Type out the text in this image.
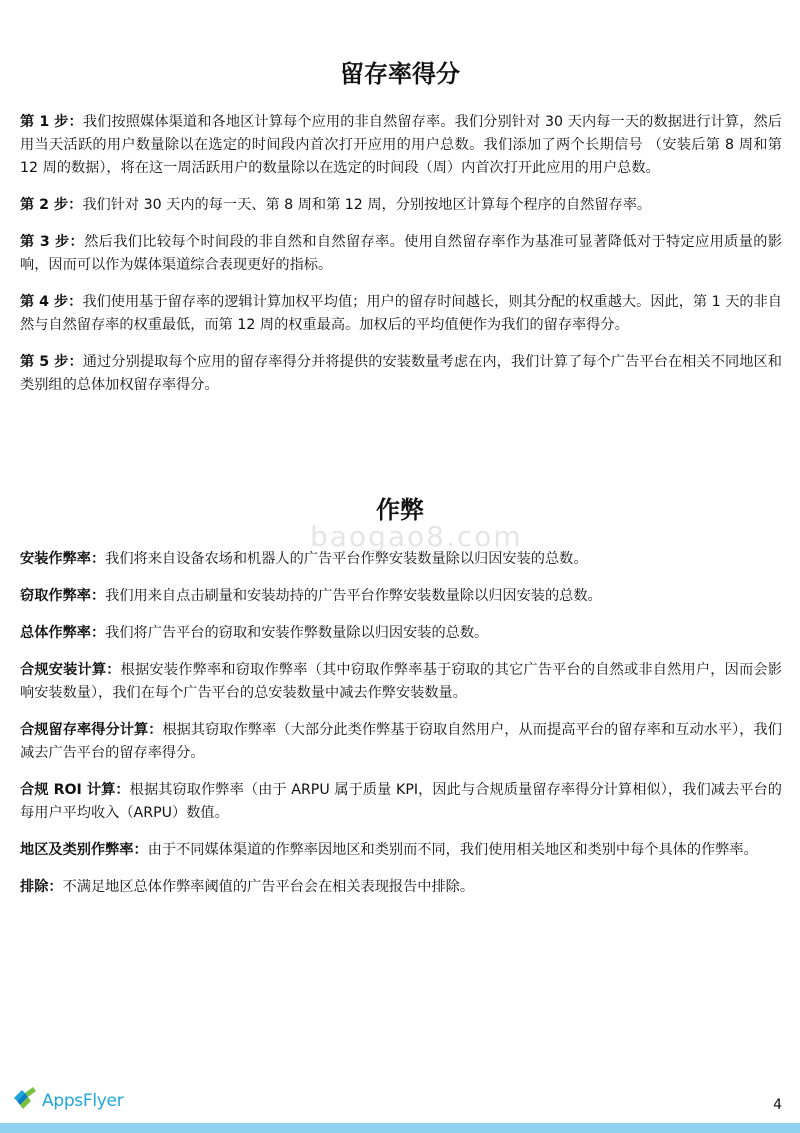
留存率得分

第 1 步：我们按照媒体渠道和各地区计算每个应用的非自然留存率。我们分别针对 30 天内每一天的数据进行计算，然后用当天活跃的用户数量除以在选定的时间段内首次打开应用的用户总数。我们添加了两个长期信号 （安装后第 8 周和第 12 周的数据），将在这一周活跃用户的数量除以在选定的时间段（周）内首次打开此应用的用户总数。

第 2 步：我们针对 30 天内的每一天、第 8 周和第 12 周，分别按地区计算每个程序的自然留存率。

第 3 步：然后我们比较每个时间段的非自然和自然留存率。使用自然留存率作为基准可显著降低对于特定应用质量的影响，因而可以作为媒体渠道综合表现更好的指标。

第 4 步：我们使用基于留存率的逻辑计算加权平均值；用户的留存时间越长，则其分配的权重越大。因此，第 1 天的非自然与自然留存率的权重最低，而第 12 周的权重最高。加权后的平均值便作为我们的留存率得分。

第 5 步：通过分别提取每个应用的留存率得分并将提供的安装数量考虑在内，我们计算了每个广告平台在相关不同地区和类别组的总体加权留存率得分。

baogao8.com
作弊

安装作弊率：我们将来自设备农场和机器人的广告平台作弊安装数量除以归因安装的总数。

窃取作弊率：我们用来自点击刷量和安装劫持的广告平台作弊安装数量除以归因安装的总数。

总体作弊率：我们将广告平台的窃取和安装作弊数量除以归因安装的总数。

合规安装计算：根据安装作弊率和窃取作弊率（其中窃取作弊率基于窃取的其它广告平台的自然或非自然用户，因而会影响安装数量），我们在每个广告平台的总安装数量中减去作弊安装数量。

合规留存率得分计算：根据其窃取作弊率（大部分此类作弊基于窃取自然用户，从而提高平台的留存率和互动水平），我们减去广告平台的留存率得分。

合规 ROI 计算：根据其窃取作弊率（由于 ARPU 属于质量 KPI，因此与合规质量留存率得分计算相似），我们减去平台的每用户平均收入（ARPU）数值。

地区及类别作弊率：由于不同媒体渠道的作弊率因地区和类别而不同，我们使用相关地区和类别中每个具体的作弊率。

排除：不满足地区总体作弊率阈值的广告平台会在相关表现报告中排除。

AppsFlyer	4
